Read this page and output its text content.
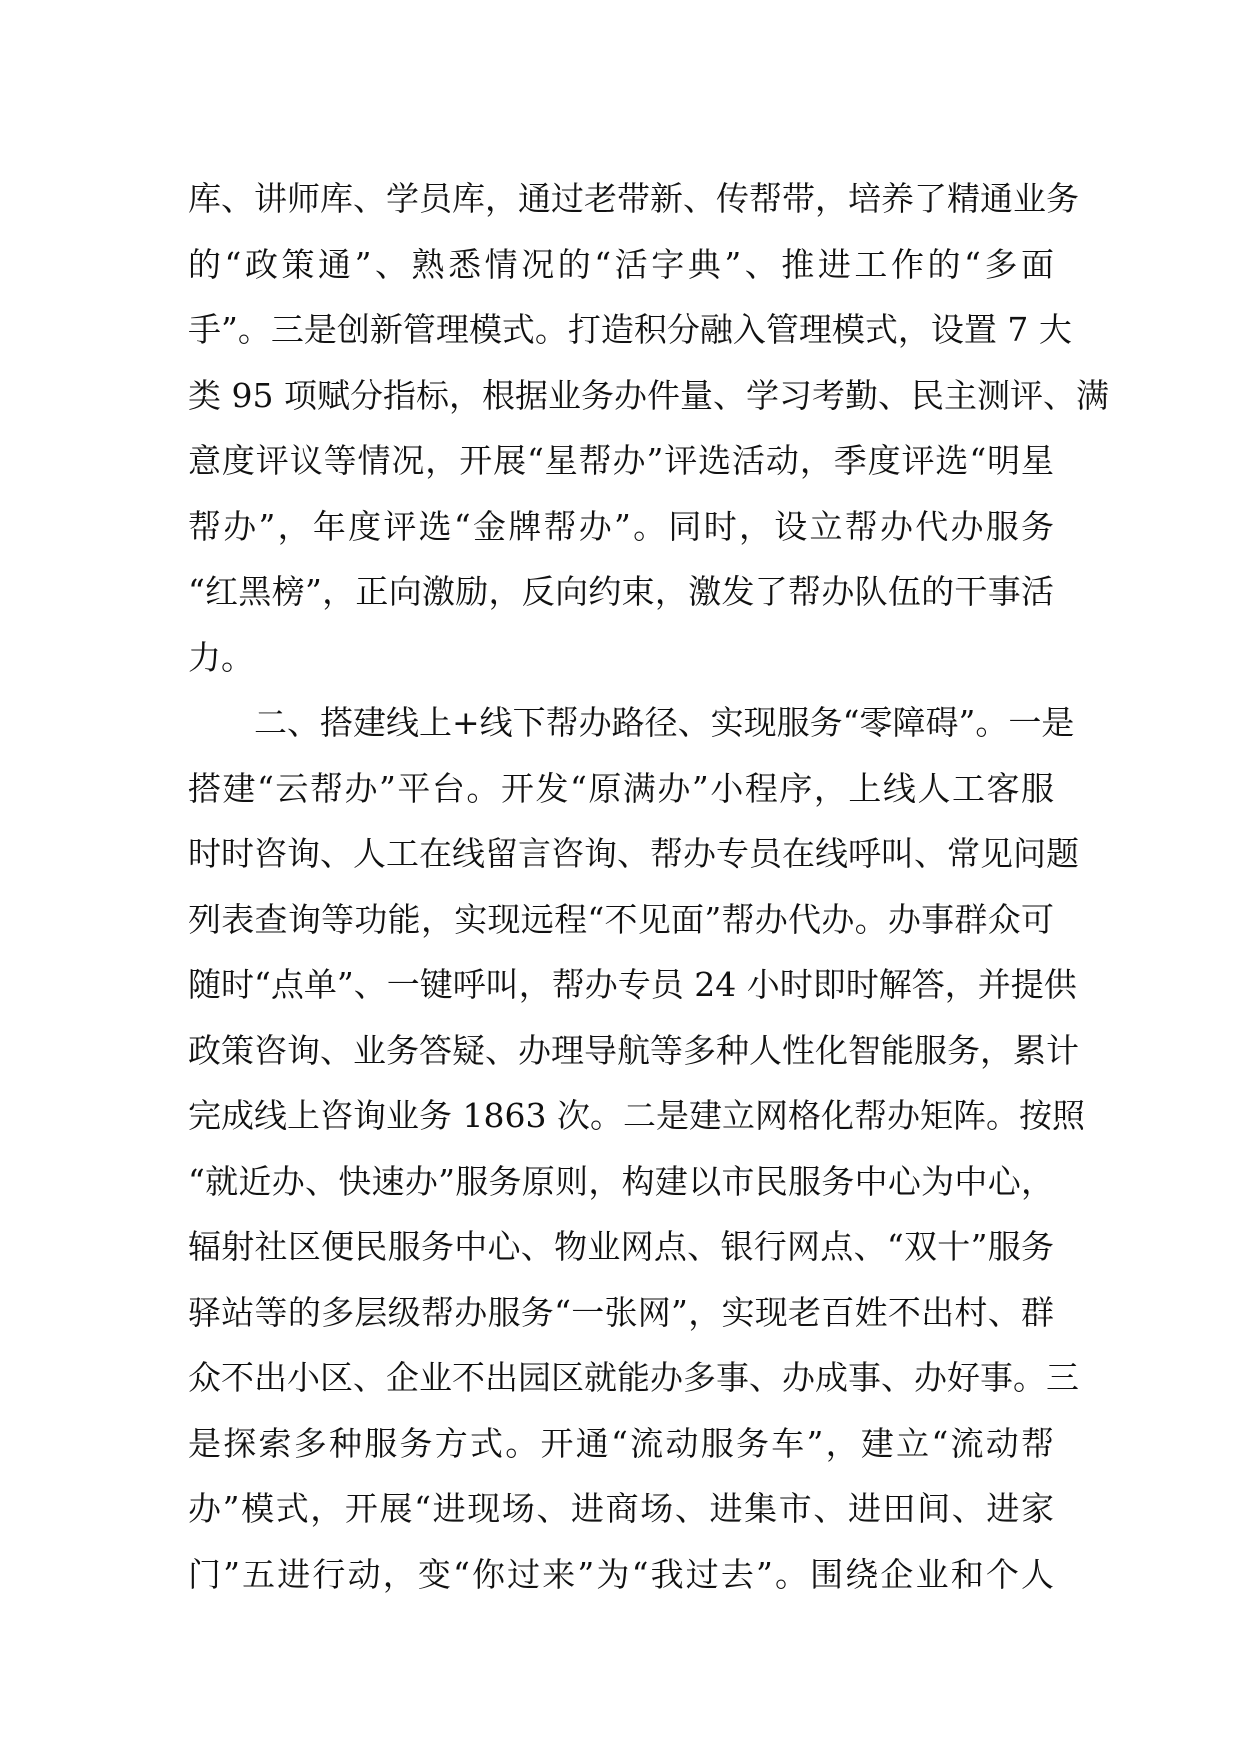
库、讲师库、学员库，通过老带新、传帮带，培养了精通业务
的“政策通”、熟悉情况的“活字典”、推进工作的“多面
手”。三是创新管理模式。打造积分融入管理模式，设置 7 大
类 95 项赋分指标，根据业务办件量、学习考勤、民主测评、满
意度评议等情况，开展“星帮办”评选活动，季度评选“明星
帮办”，年度评选“金牌帮办”。同时，设立帮办代办服务
“红黑榜”，正向激励，反向约束，激发了帮办队伍的干事活
力。
二、搭建线上+线下帮办路径、实现服务“零障碍”。一是
搭建“云帮办”平台。开发“原满办”小程序，上线人工客服
时时咨询、人工在线留言咨询、帮办专员在线呼叫、常见问题
列表查询等功能，实现远程“不见面”帮办代办。办事群众可
随时“点单”、一键呼叫，帮办专员 24 小时即时解答，并提供
政策咨询、业务答疑、办理导航等多种人性化智能服务，累计
完成线上咨询业务 1863 次。二是建立网格化帮办矩阵。按照
“就近办、快速办”服务原则，构建以市民服务中心为中心，
辐射社区便民服务中心、物业网点、银行网点、“双十”服务
驿站等的多层级帮办服务“一张网”，实现老百姓不出村、群
众不出小区、企业不出园区就能办多事、办成事、办好事。三
是探索多种服务方式。开通“流动服务车”，建立“流动帮
办”模式，开展“进现场、进商场、进集市、进田间、进家
门”五进行动，变“你过来”为“我过去”。围绕企业和个人
